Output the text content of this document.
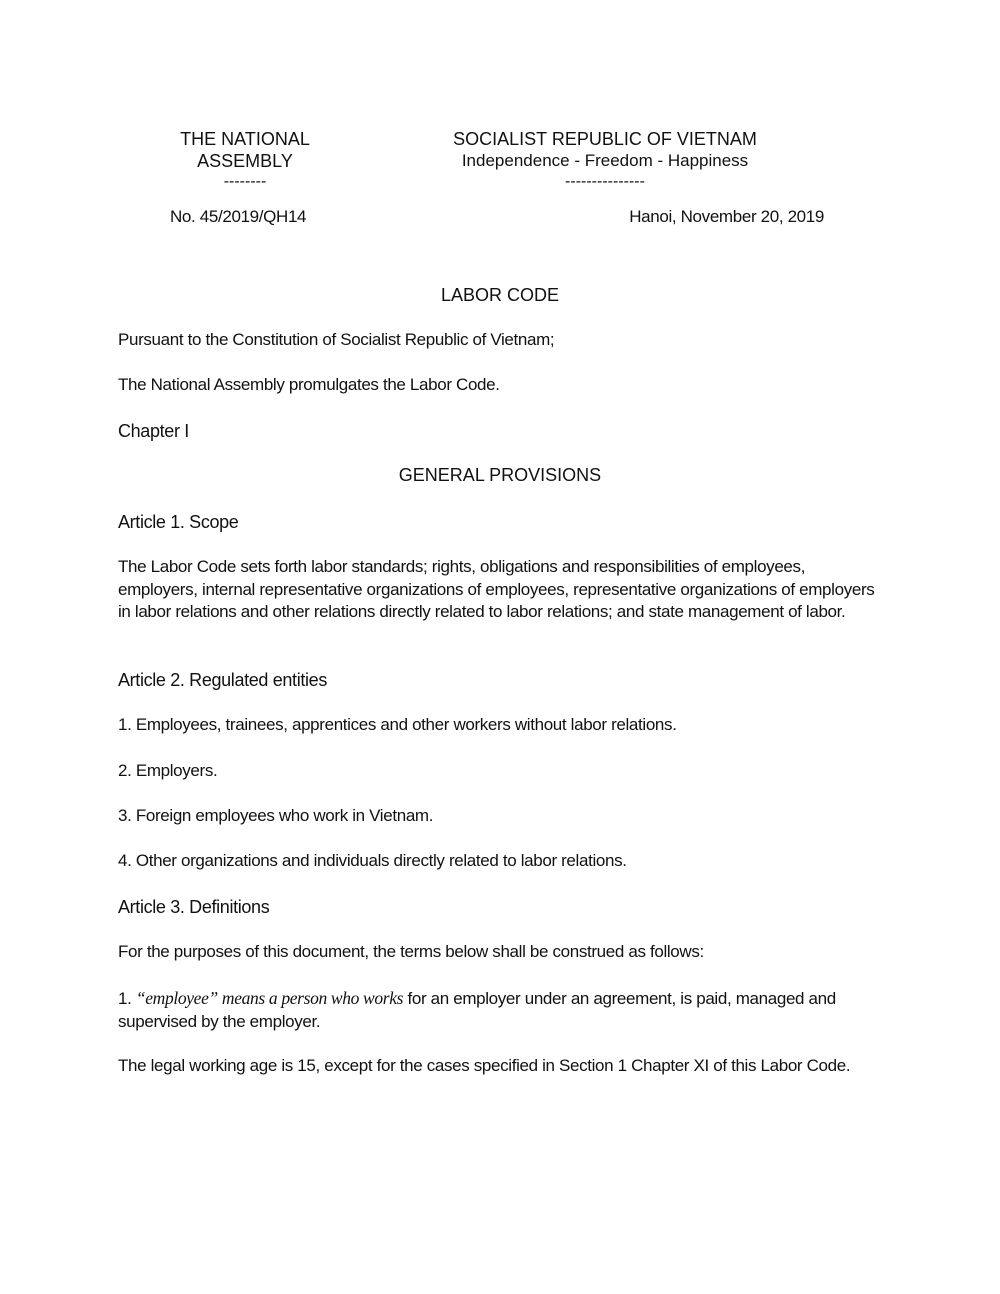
THE NATIONAL
ASSEMBLY
--------
SOCIALIST REPUBLIC OF VIETNAM
Independence - Freedom - Happiness
---------------
No. 45/2019/QH14	Hanoi, November 20, 2019
LABOR CODE
Pursuant to the Constitution of Socialist Republic of Vietnam;
The National Assembly promulgates the Labor Code.
Chapter I
GENERAL PROVISIONS
Article 1. Scope
The Labor Code sets forth labor standards; rights, obligations and responsibilities of employees, employers, internal representative organizations of employees, representative organizations of employers in labor relations and other relations directly related to labor relations; and state management of labor.
Article 2. Regulated entities
1. Employees, trainees, apprentices and other workers without labor relations.
2. Employers.
3. Foreign employees who work in Vietnam.
4. Other organizations and individuals directly related to labor relations.
Article 3. Definitions
For the purposes of this document, the terms below shall be construed as follows:
1. “employee” means a person who works for an employer under an agreement, is paid, managed and supervised by the employer.
The legal working age is 15, except for the cases specified in Section 1 Chapter XI of this Labor Code.
